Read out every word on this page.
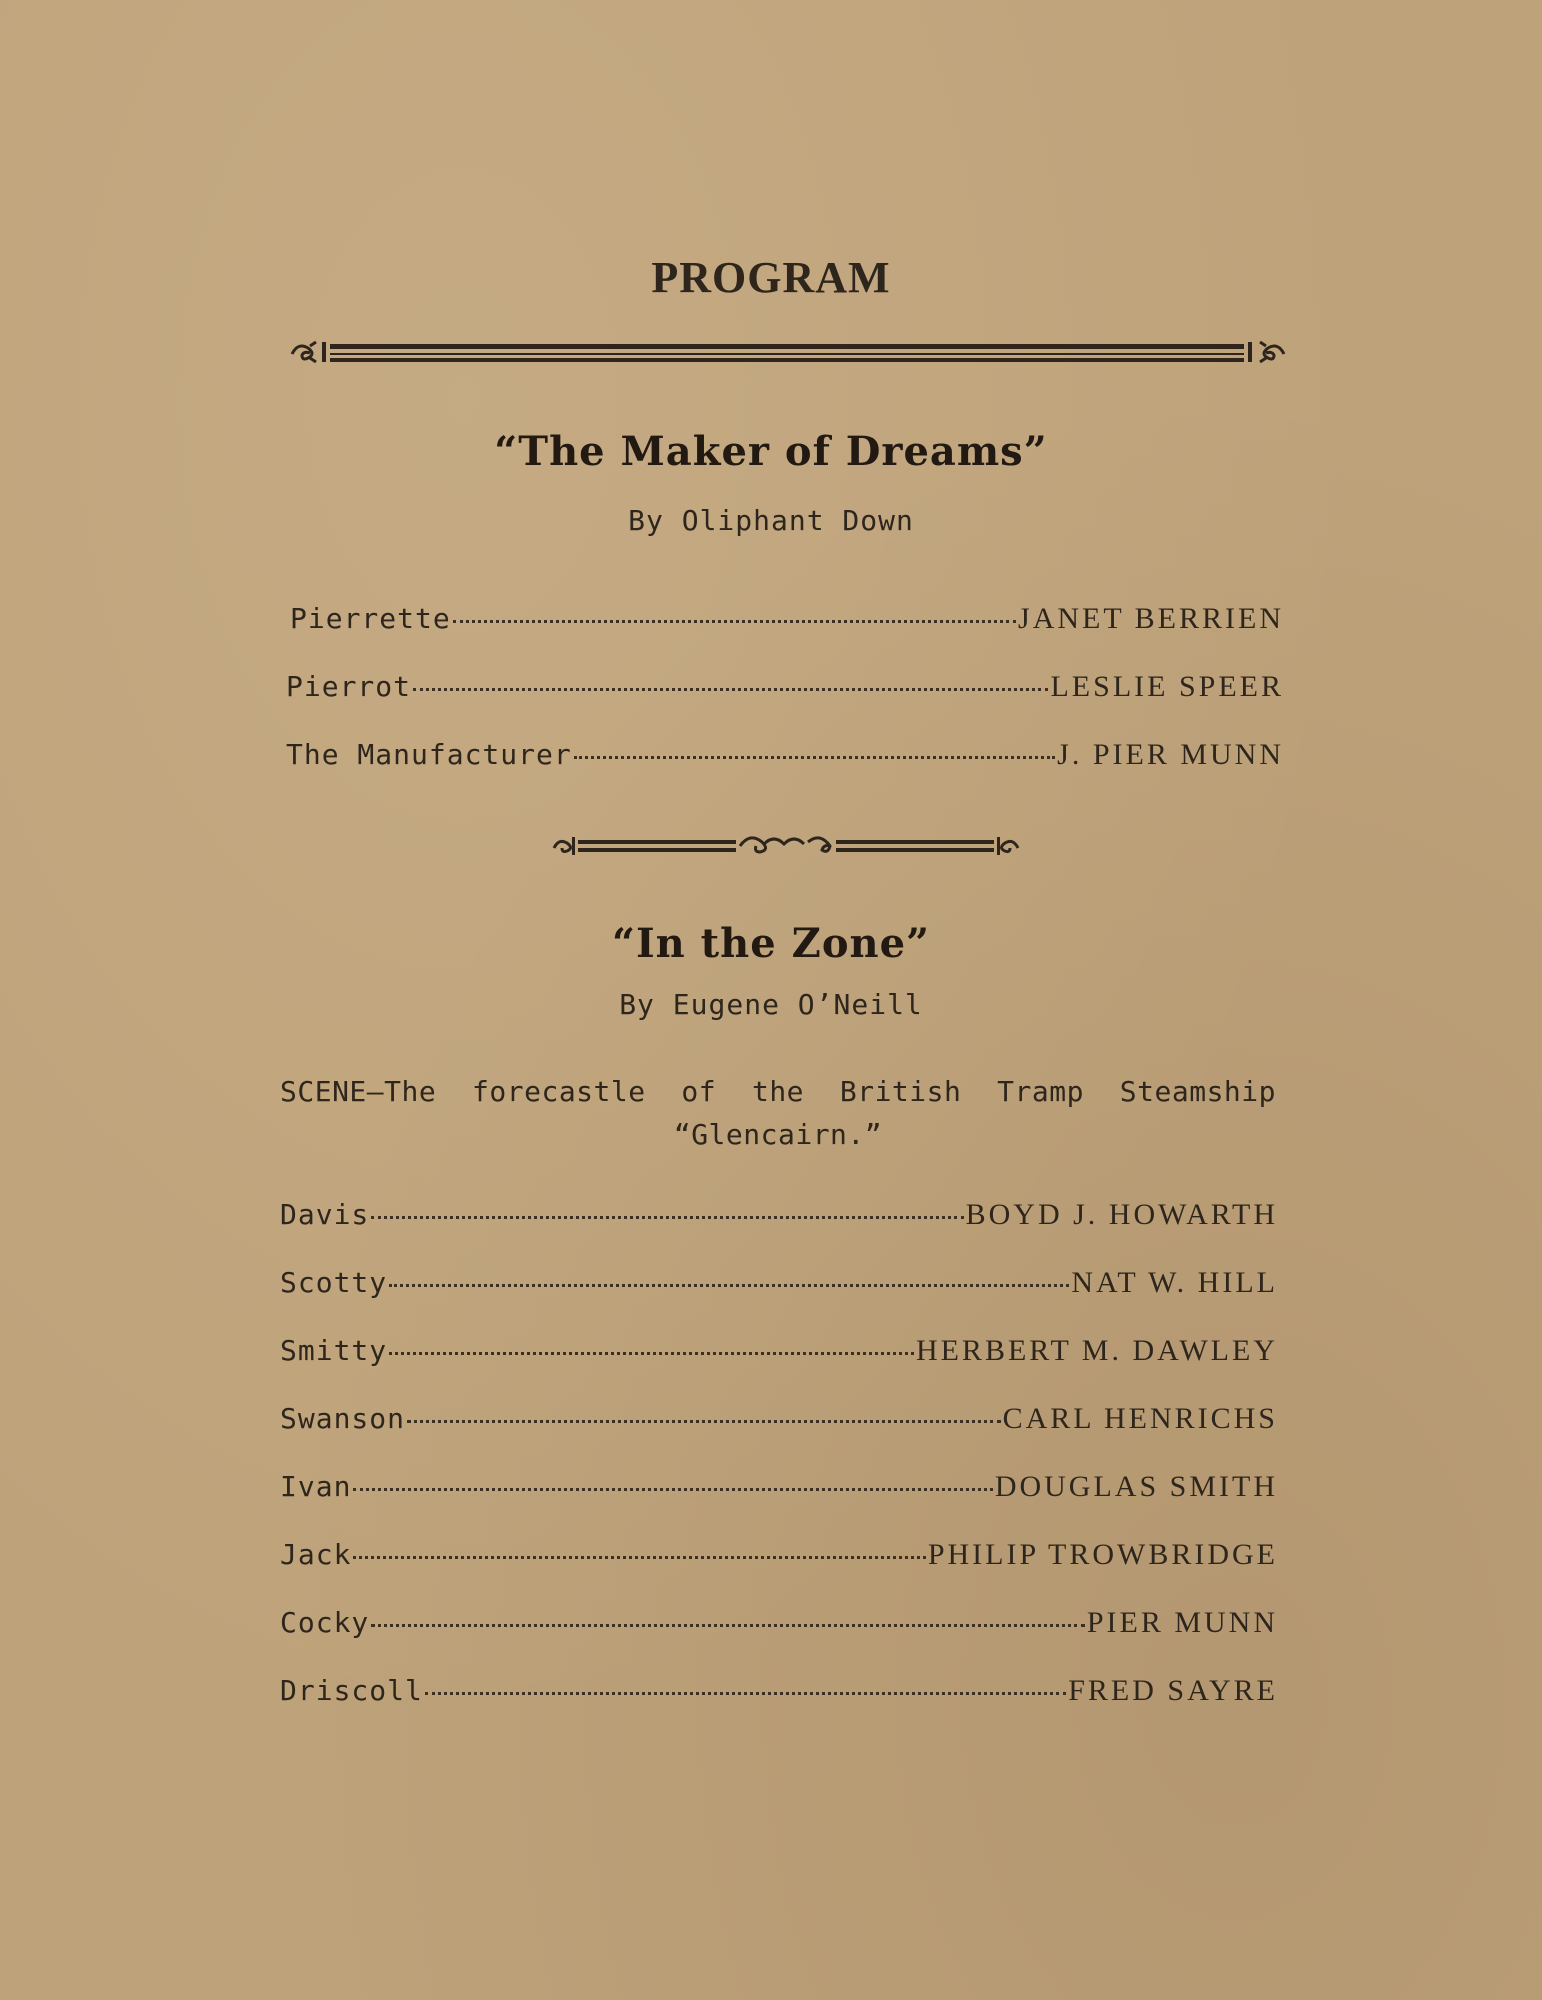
PROGRAM
“The Maker of Dreams”
By Oliphant Down
Pierrette	JANET BERRIEN
Pierrot	LESLIE SPEER
The Manufacturer	J. PIER MUNN
“In the Zone”
By Eugene O’Neill
SCENE—The forecastle of the British Tramp Steamship
“Glencairn.”
Davis	BOYD J. HOWARTH
Scotty	NAT W. HILL
Smitty	HERBERT M. DAWLEY
Swanson	CARL HENRICHS
Ivan	DOUGLAS SMITH
Jack	PHILIP TROWBRIDGE
Cocky	PIER MUNN
Driscoll	FRED SAYRE
